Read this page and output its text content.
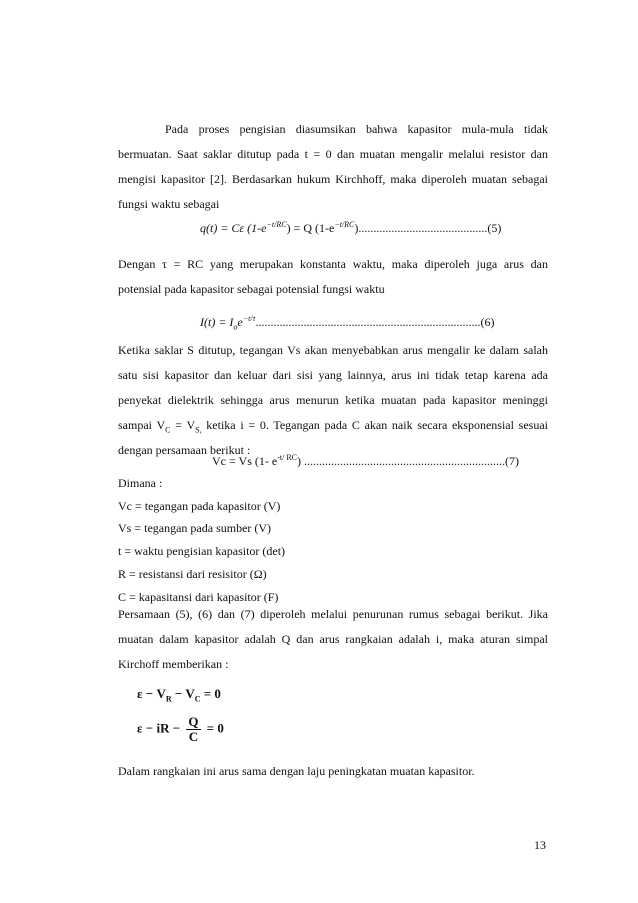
Pada proses pengisian diasumsikan bahwa kapasitor mula-mula tidak bermuatan. Saat saklar ditutup pada t = 0 dan muatan mengalir melalui resistor dan mengisi kapasitor [2]. Berdasarkan hukum Kirchhoff, maka diperoleh muatan sebagai fungsi waktu sebagai

q(t) = Cε $(1-e^{-t/RC}) = Q$ $(1-e^{-t/RC})...........................................(5)$

Dengan τ = RC yang merupakan konstanta waktu, maka diperoleh juga arus dan potensial pada kapasitor sebagai potensial fungsi waktu

$I(t) = I_oe^{-t/\tau}...........................................................................(6)$

Ketika saklar S ditutup, tegangan Vs akan menyebabkan arus mengalir ke dalam salah satu sisi kapasitor dan keluar dari sisi yang lainnya, arus ini tidak tetap karena ada penyekat dielektrik sehingga arus menurun ketika muatan pada kapasitor meninggi sampai $V_C = V_{S,}$ ketika i = 0. Tegangan pada C akan naik secara eksponensial sesuai dengan persamaan berikut :

Vc = Vs (1- $e^{-t/ RC}$) ...................................................................(7)
Dimana :
Vc = tegangan pada kapasitor (V)
Vs = tegangan pada sumber (V)
t = waktu pengisian kapasitor (det)
R = resistansi dari resisitor (Ω)
C = kapasitansi dari kapasitor (F)

Persamaan (5), (6) dan (7) diperoleh melalui penurunan rumus sebagai berikut. Jika muatan dalam kapasitor adalah Q dan arus rangkaian adalah i, maka aturan simpal Kirchoff memberikan :

$\varepsilon - V_R - V_C = 0$
ε − iR − $\frac{Q}{C} = 0$
Dalam rangkaian ini arus sama dengan laju peningkatan muatan kapasitor.
13
